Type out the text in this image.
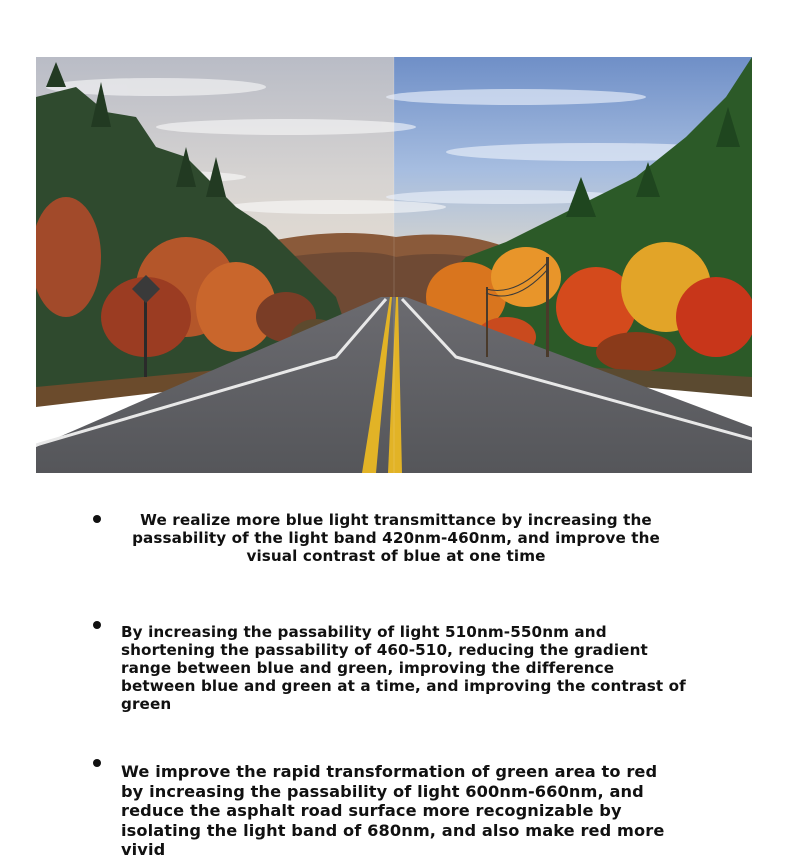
We realize more blue light transmittance by increasing the passability of the light band 420nm-460nm, and improve the visual contrast of blue at one time
By increasing the passability of light 510nm-550nm and shortening the passability of 460-510, reducing the gradient range between blue and green, improving the difference between blue and green at a time, and improving the contrast of green
We improve the rapid transformation of green area to red by increasing the passability of light 600nm-660nm, and reduce the asphalt road surface more recognizable by isolating the light band of 680nm, and also make red more vivid
